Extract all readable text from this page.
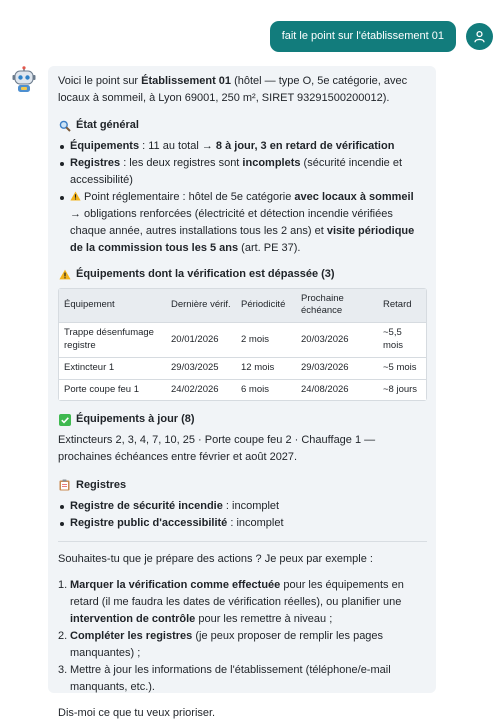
fait le point sur l'établissement 01

Voici le point sur Établissement 01 (hôtel — type O, 5e catégorie, avec locaux à sommeil, à Lyon 69001, 250 m², SIRET 93291500200012).

État général
Équipements : 11 au total → 8 à jour, 3 en retard de vérification
Registres : les deux registres sont incomplets (sécurité incendie et accessibilité)
Point réglementaire : hôtel de 5e catégorie avec locaux à sommeil → obligations renforcées (électricité et détection incendie vérifiées chaque année, autres installations tous les 2 ans) et visite périodique de la commission tous les 5 ans (art. PE 37).
Équipements dont la vérification est dépassée (3)
Équipement	Dernière vérif.	Périodicité	Prochaine échéance	Retard
Trappe désenfumage registre	20/01/2026	2 mois	20/03/2026	~5,5 mois
Extincteur 1	29/03/2025	12 mois	29/03/2026	~5 mois
Porte coupe feu 1	24/02/2026	6 mois	24/08/2026	~8 jours
Équipements à jour (8)

Extincteurs 2, 3, 4, 7, 10, 25 · Porte coupe feu 2 · Chauffage 1 — prochaines échéances entre février et août 2027.

Registres
Registre de sécurité incendie : incomplet
Registre public d'accessibilité : incomplet

Souhaites-tu que je prépare des actions ? Je peux par exemple :

1. Marquer la vérification comme effectuée pour les équipements en retard (il me faudra les dates de vérification réelles), ou planifier une intervention de contrôle pour les remettre à niveau ;
2. Compléter les registres (je peux proposer de remplir les pages manquantes) ;
3. Mettre à jour les informations de l'établissement (téléphone/e-mail manquants, etc.).

Dis-moi ce que tu veux prioriser.
